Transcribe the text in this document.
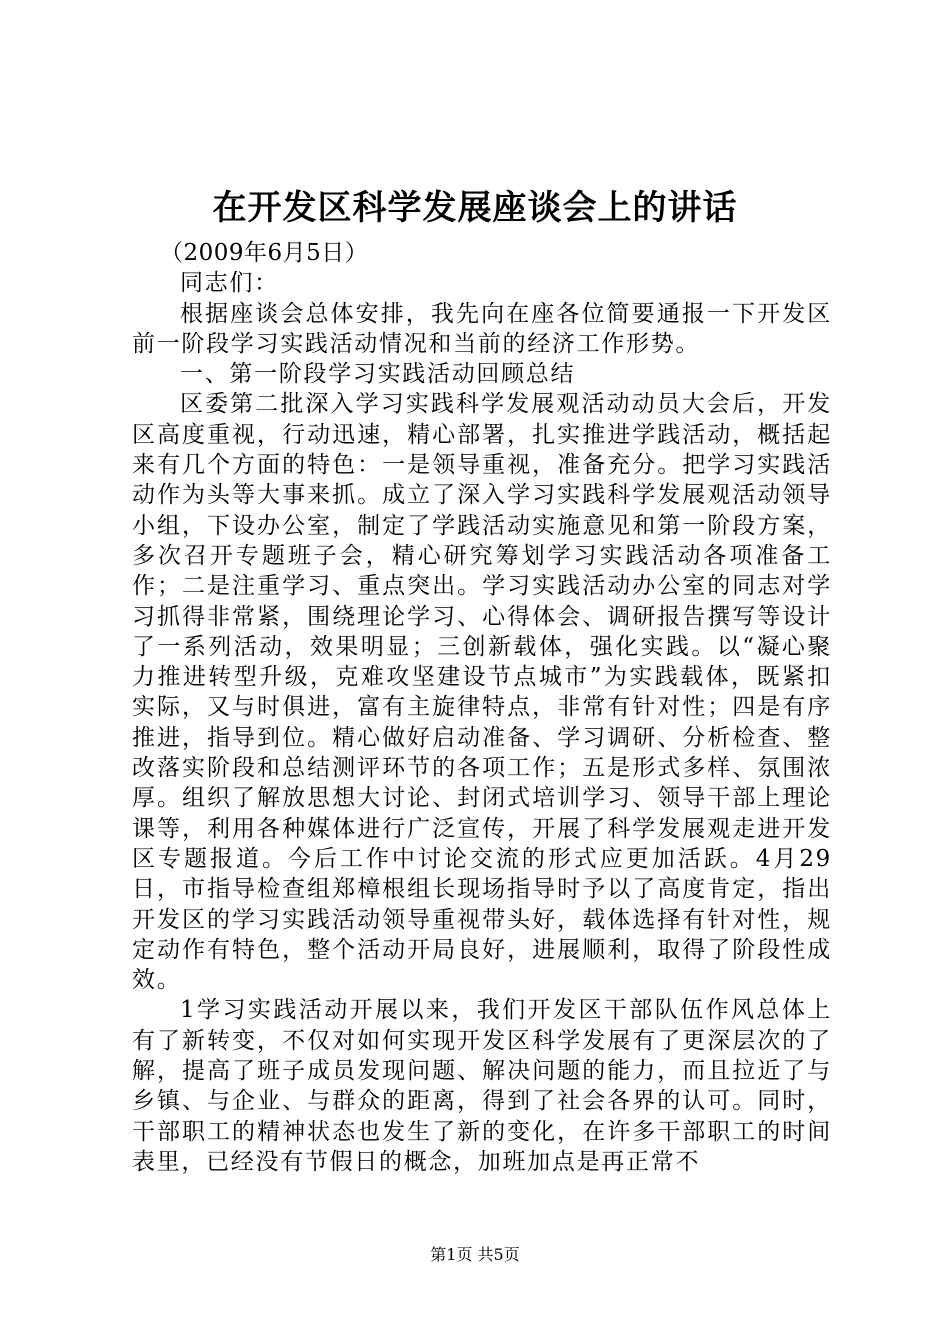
在开发区科学发展座谈会上的讲话

（2009年6月5日）

同志们：

根据座谈会总体安排，我先向在座各位简要通报一下开发区前一阶段学习实践活动情况和当前的经济工作形势。

一、第一阶段学习实践活动回顾总结

区委第二批深入学习实践科学发展观活动动员大会后，开发区高度重视，行动迅速，精心部署，扎实推进学践活动，概括起来有几个方面的特色：一是领导重视，准备充分。把学习实践活动作为头等大事来抓。成立了深入学习实践科学发展观活动领导小组，下设办公室，制定了学践活动实施意见和第一阶段方案，多次召开专题班子会，精心研究筹划学习实践活动各项准备工作；二是注重学习、重点突出。学习实践活动办公室的同志对学习抓得非常紧，围绕理论学习、心得体会、调研报告撰写等设计了一系列活动，效果明显；三创新载体，强化实践。以“凝心聚力推进转型升级，克难攻坚建设节点城市”为实践载体，既紧扣实际，又与时俱进，富有主旋律特点，非常有针对性；四是有序推进，指导到位。精心做好启动准备、学习调研、分析检查、整改落实阶段和总结测评环节的各项工作；五是形式多样、氛围浓厚。组织了解放思想大讨论、封闭式培训学习、领导干部上理论课等，利用各种媒体进行广泛宣传，开展了科学发展观走进开发区专题报道。今后工作中讨论交流的形式应更加活跃。4月29日，市指导检查组郑樟根组长现场指导时予以了高度肯定，指出开发区的学习实践活动领导重视带头好，载体选择有针对性，规定动作有特色，整个活动开局良好，进展顺利，取得了阶段性成效。

1学习实践活动开展以来，我们开发区干部队伍作风总体上有了新转变，不仅对如何实现开发区科学发展有了更深层次的了解，提高了班子成员发现问题、解决问题的能力，而且拉近了与乡镇、与企业、与群众的距离，得到了社会各界的认可。同时，干部职工的精神状态也发生了新的变化，在许多干部职工的时间表里，已经没有节假日的概念，加班加点是再正常不

第1页 共5页
